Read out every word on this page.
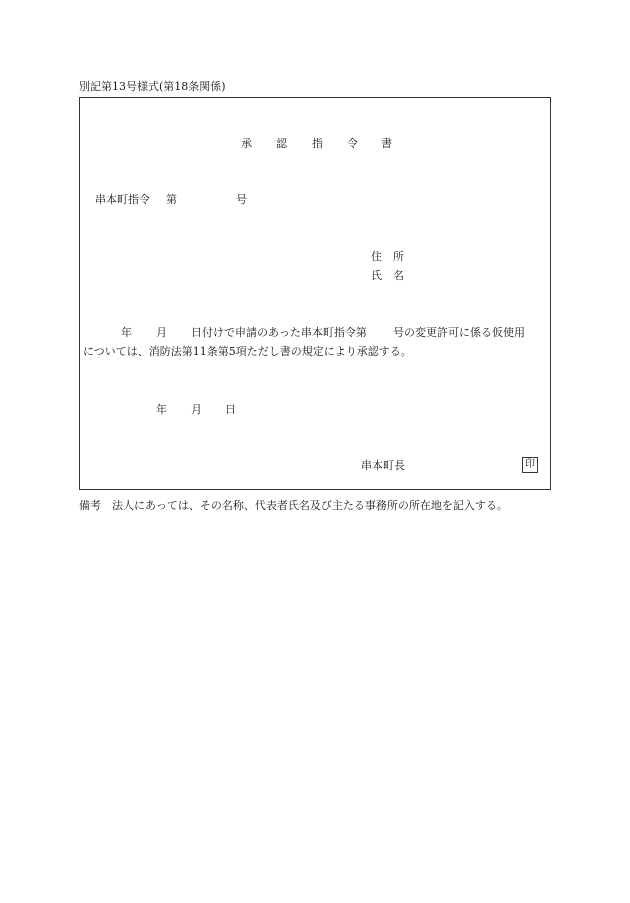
別記第13号様式(第18条関係)
承 認 指 令 書
串本町指令 第	号
住　所
氏　名
年 月 日付けで申請のあった串本町指令第 号の変更許可に係る仮使用
については、消防法第11条第5項ただし書の規定により承認する。
年 月 日
串本町長	印
備考　法人にあっては、その名称、代表者氏名及び主たる事務所の所在地を記入する。
